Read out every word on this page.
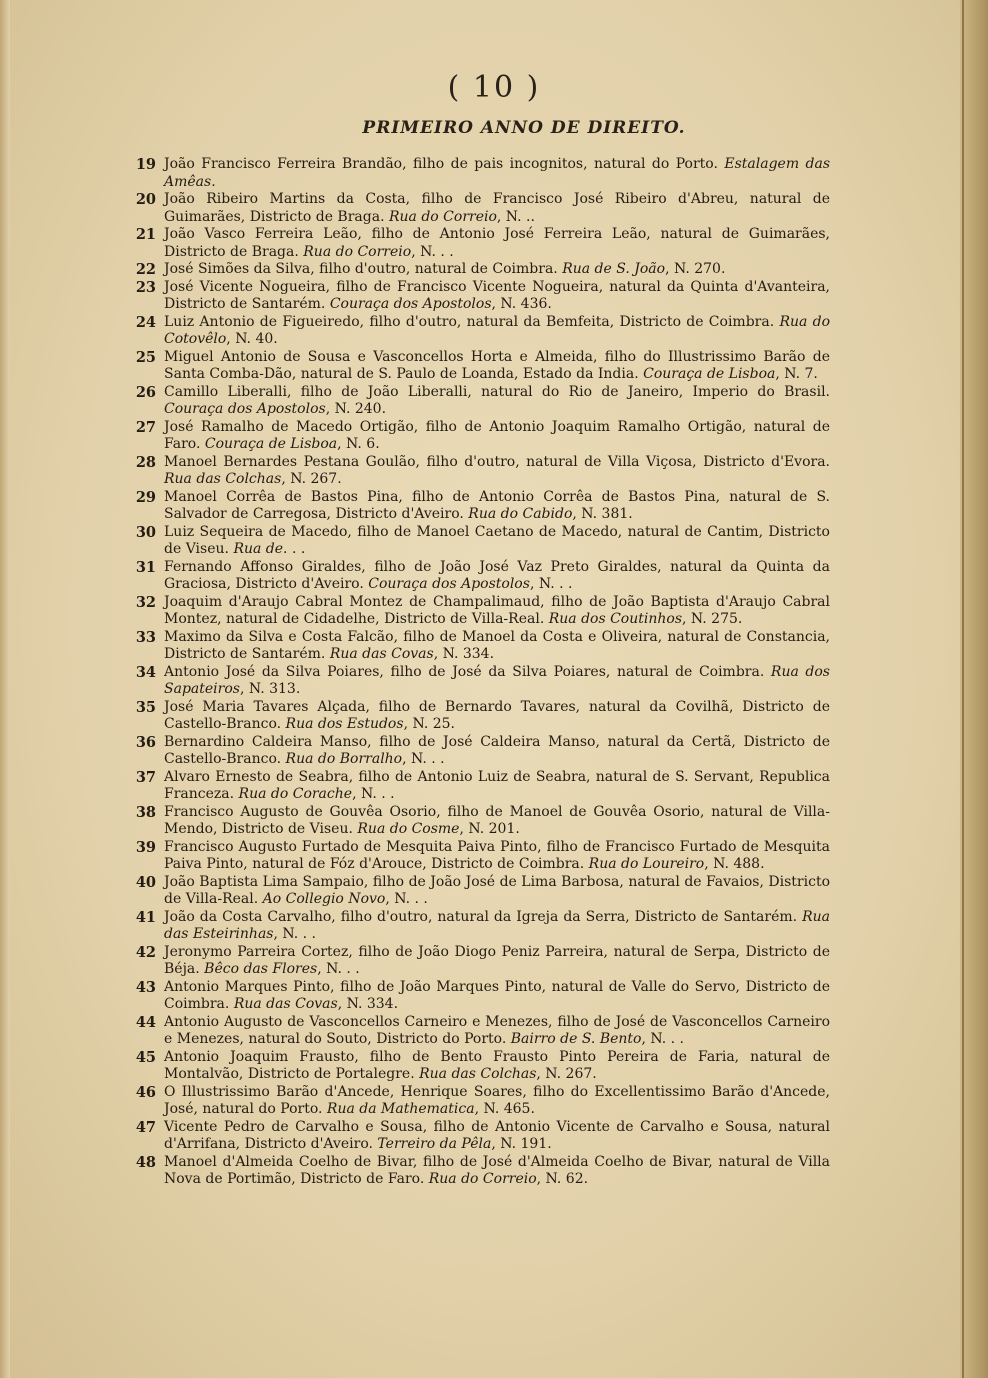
( 10 )
PRIMEIRO ANNO DE DIREITO.
19 João Francisco Ferreira Brandão, filho de pais incognitos, natural do Porto. Estalagem das Amêas.
20 João Ribeiro Martins da Costa, filho de Francisco José Ribeiro d'Abreu, natural de Guimarães, Districto de Braga. Rua do Correio, N. ..
21 João Vasco Ferreira Leão, filho de Antonio José Ferreira Leão, natural de Guimarães, Districto de Braga. Rua do Correio, N. . .
22 José Simões da Silva, filho d'outro, natural de Coimbra. Rua de S. João, N. 270.
23 José Vicente Nogueira, filho de Francisco Vicente Nogueira, natural da Quinta d'Avanteira, Districto de Santarém. Couraça dos Apostolos, N. 436.
24 Luiz Antonio de Figueiredo, filho d'outro, natural da Bemfeita, Districto de Coimbra. Rua do Cotovêlo, N. 40.
25 Miguel Antonio de Sousa e Vasconcellos Horta e Almeida, filho do Illustrissimo Barão de Santa Comba-Dão, natural de S. Paulo de Loanda, Estado da India. Couraça de Lisboa, N. 7.
26 Camillo Liberalli, filho de João Liberalli, natural do Rio de Janeiro, Imperio do Brasil. Couraça dos Apostolos, N. 240.
27 José Ramalho de Macedo Ortigão, filho de Antonio Joaquim Ramalho Ortigão, natural de Faro. Couraça de Lisboa, N. 6.
28 Manoel Bernardes Pestana Goulão, filho d'outro, natural de Villa Viçosa, Districto d'Evora. Rua das Colchas, N. 267.
29 Manoel Corrêa de Bastos Pina, filho de Antonio Corrêa de Bastos Pina, natural de S. Salvador de Carregosa, Districto d'Aveiro. Rua do Cabido, N. 381.
30 Luiz Sequeira de Macedo, filho de Manoel Caetano de Macedo, natural de Cantim, Districto de Viseu. Rua de. . .
31 Fernando Affonso Giraldes, filho de João José Vaz Preto Giraldes, natural da Quinta da Graciosa, Districto d'Aveiro. Couraça dos Apostolos, N. . .
32 Joaquim d'Araujo Cabral Montez de Champalimaud, filho de João Baptista d'Araujo Cabral Montez, natural de Cidadelhe, Districto de Villa-Real. Rua dos Coutinhos, N. 275.
33 Maximo da Silva e Costa Falcão, filho de Manoel da Costa e Oliveira, natural de Constancia, Districto de Santarém. Rua das Covas, N. 334.
34 Antonio José da Silva Poiares, filho de José da Silva Poiares, natural de Coimbra. Rua dos Sapateiros, N. 313.
35 José Maria Tavares Alçada, filho de Bernardo Tavares, natural da Covilhã, Districto de Castello-Branco. Rua dos Estudos, N. 25.
36 Bernardino Caldeira Manso, filho de José Caldeira Manso, natural da Certã, Districto de Castello-Branco. Rua do Borralho, N. . .
37 Alvaro Ernesto de Seabra, filho de Antonio Luiz de Seabra, natural de S. Servant, Republica Franceza. Rua do Corache, N. . .
38 Francisco Augusto de Gouvêa Osorio, filho de Manoel de Gouvêa Osorio, natural de Villa-Mendo, Districto de Viseu. Rua do Cosme, N. 201.
39 Francisco Augusto Furtado de Mesquita Paiva Pinto, filho de Francisco Furtado de Mesquita Paiva Pinto, natural de Fóz d'Arouce, Districto de Coimbra. Rua do Loureiro, N. 488.
40 João Baptista Lima Sampaio, filho de João José de Lima Barbosa, natural de Favaios, Districto de Villa-Real. Ao Collegio Novo, N. . .
41 João da Costa Carvalho, filho d'outro, natural da Igreja da Serra, Districto de Santarém. Rua das Esteirinhas, N. . .
42 Jeronymo Parreira Cortez, filho de João Diogo Peniz Parreira, natural de Serpa, Districto de Béja. Bêco das Flores, N. . .
43 Antonio Marques Pinto, filho de João Marques Pinto, natural de Valle do Servo, Districto de Coimbra. Rua das Covas, N. 334.
44 Antonio Augusto de Vasconcellos Carneiro e Menezes, filho de José de Vasconcellos Carneiro e Menezes, natural do Souto, Districto do Porto. Bairro de S. Bento, N. . .
45 Antonio Joaquim Frausto, filho de Bento Frausto Pinto Pereira de Faria, natural de Montalvão, Districto de Portalegre. Rua das Colchas, N. 267.
46 O Illustrissimo Barão d'Ancede, Henrique Soares, filho do Excellentissimo Barão d'Ancede, José, natural do Porto. Rua da Mathematica, N. 465.
47 Vicente Pedro de Carvalho e Sousa, filho de Antonio Vicente de Carvalho e Sousa, natural d'Arrifana, Districto d'Aveiro. Terreiro da Pêla, N. 191.
48 Manoel d'Almeida Coelho de Bivar, filho de José d'Almeida Coelho de Bivar, natural de Villa Nova de Portimão, Districto de Faro. Rua do Correio, N. 62.
